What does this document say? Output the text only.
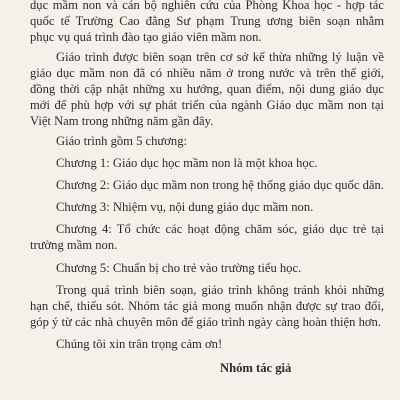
dục mầm non và cán bộ nghiên cứu của Phòng Khoa học - hợp tác
quốc tế Trường Cao đẳng Sư phạm Trung ương biên soạn nhằm
phục vụ quá trình đào tạo giáo viên mầm non.
Giáo trình được biên soạn trên cơ sở kế thừa những lý luận về
giáo dục mầm non đã có nhiều năm ở trong nước và trên thế giới,
đồng thời cập nhật những xu hướng, quan điểm, nội dung giáo dục
mới để phù hợp với sự phát triển của ngành Giáo dục mầm non tại
Việt Nam trong những năm gần đây.
Giáo trình gồm 5 chương:
Chương 1: Giáo dục học mầm non là một khoa học.
Chương 2: Giáo dục mầm non trong hệ thống giáo dục quốc dân.
Chương 3: Nhiệm vụ, nội dung giáo dục mầm non.
Chương 4: Tổ chức các hoạt động chăm sóc, giáo dục trẻ tại
trường mầm non.
Chương 5: Chuẩn bị cho trẻ vào trường tiểu học.
Trong quá trình biên soạn, giáo trình không tránh khỏi những
hạn chế, thiếu sót. Nhóm tác giả mong muốn nhận được sự trao đổi,
góp ý từ các nhà chuyên môn để giáo trình ngày càng hoàn thiện hơn.
Chúng tôi xin trân trọng cảm ơn!
Nhóm tác giả
